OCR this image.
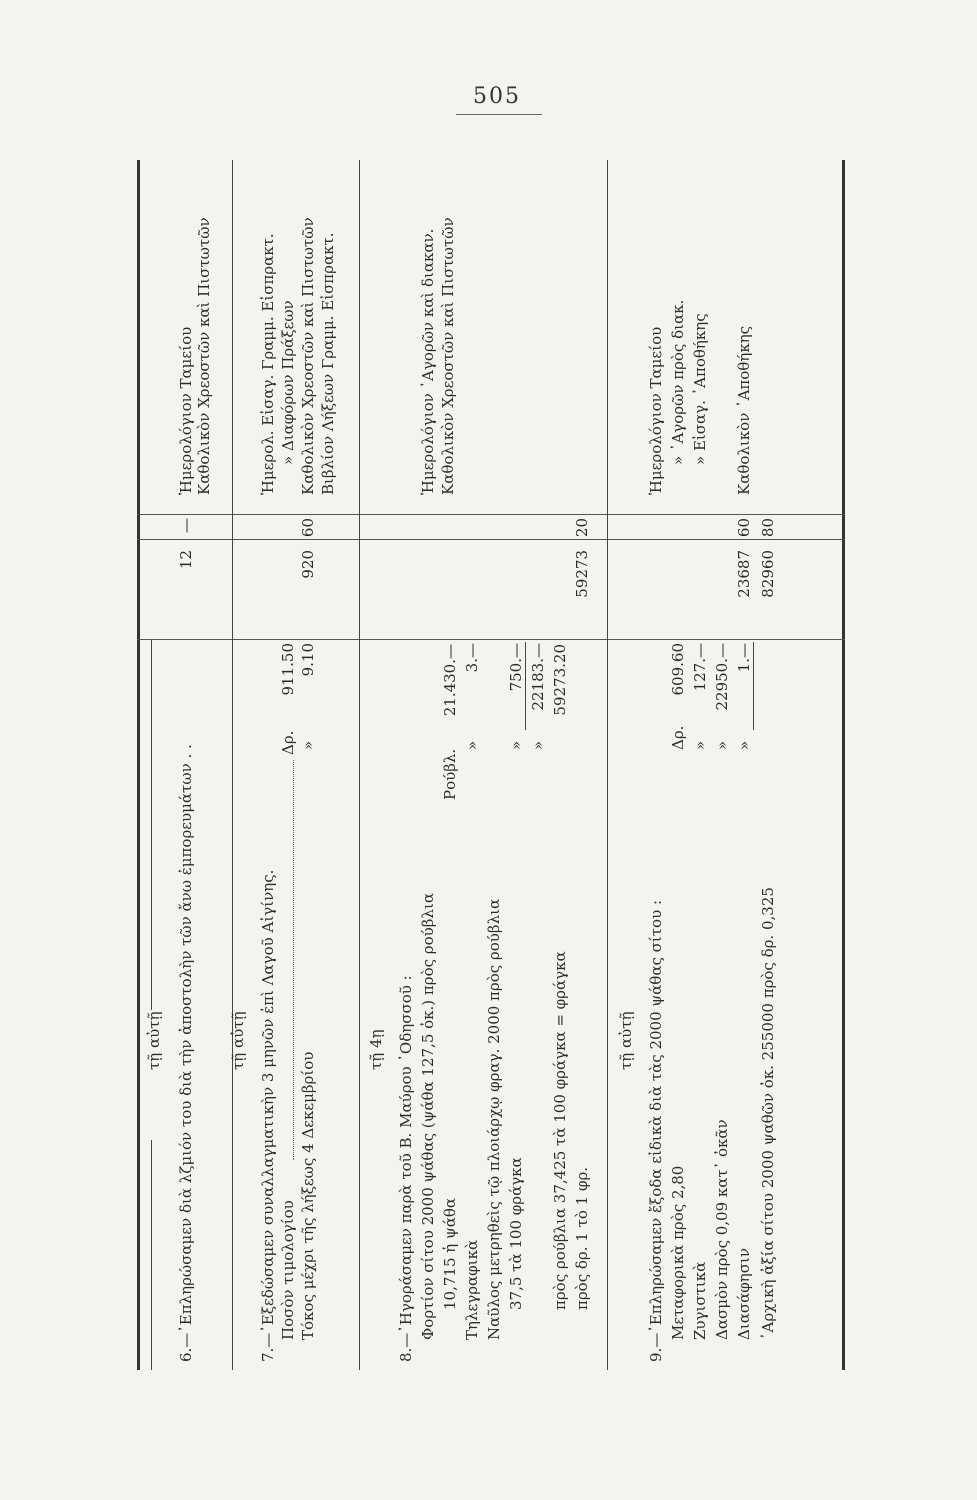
505
τῇ αὐτῇ 6.—᾿Επληρώσαμεν διὰ λζμιόν του διὰ τὴν ἀποστολὴν τῶν ἄνω ἐμπορευμάτων . .
12
—
Ἡμερολόγιον Ταμείου Καθολικὸν Χρεοστῶν καὶ Πιστωτῶν
τῇ αὐτῇ 7.—᾿Εξεδώσαμεν συναλλαγματικὴν 3 μηνῶν ἐπὶ Λαγοῦ Αἰγίνης. Ποσὸν τιμολογίου
Δρ.
911.50
Τόκος μέχρι τῆς λήξεως 4 Δεκεμβρίου
»
9.10
920
60
Ἡμερολ. Εἰσαγ. Γραμμ. Εἰσπρακτ. » Διαφόρων Πράξεων Καθολικὸν Χρεοστῶν καὶ Πιστωτῶν Βιβλίον Λήξεων Γραμμ. Εἰσπρακτ.
τῇ 4ῃ 8.—᾿Ηγοράσαμεν παρὰ τοῦ Β. Μαύρου ᾿Οδησσοῦ : Φορτίον σίτου 2000 ψάθας (ψάθα 127,5 ὀκ.) πρὸς ρούβλια 10,715 ἡ ψάθα
Ρούβλ.
21.430.—
Τηλεγραφικὰ
»
3.—
Ναῦλος μετρηθεὶς τῷ πλοιάρχῳ φραγ. 2000 πρὸς ρούβλια 37,5 τὰ 100 φράγκα
»
750.—
»
22183.—
πρὸς ρούβλια 37,425 τὰ 100 φράγκα = φράγκα
59273.20
πρὸς δρ. 1 τὸ 1 φρ.
59273
20
Ἡμερολόγιον ᾿Αγορῶν καὶ διακαν. Καθολικὸν Χρεοστῶν καὶ Πιστωτῶν
τῇ αὐτῇ 9.—᾿Επληρώσαμεν ἔξοδα εἰδικὰ διὰ τὰς 2000 ψάθας σίτου : Μεταφορικὰ πρὸς 2,80
Δρ.
609.60
Ζυγιστικὰ
»
127.—
Δασμὸν πρὸς 0,09 κατ᾿ ὀκᾶν
»
22950.—
Διασάφησιν
»
1.—
23687
60
᾿Αρχικὴ ἀξία σίτου 2000 ψαθῶν ὀκ. 255000 πρὸς δρ. 0,325
82960
80
Ἡμερολόγιον Ταμείου » ᾿Αγορῶν πρὸς διακ. » Εἰσαγ. ᾿Αποθήκης Καθολικὸν ᾿Αποθήκης
